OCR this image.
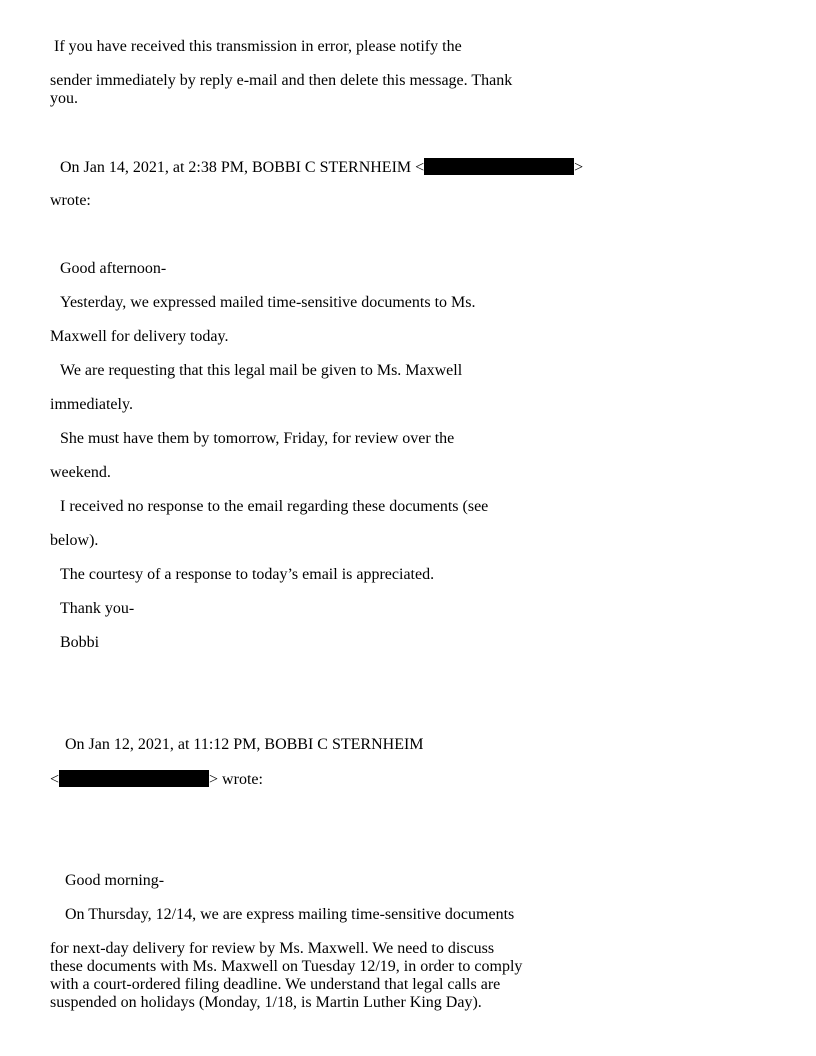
If you have received this transmission in error, please notify the

sender immediately by reply e-mail and then delete this message. Thank

you.

On Jan 14, 2021, at 2:38 PM, BOBBI C STERNHEIM <	>

wrote:

Good afternoon-

Yesterday, we expressed mailed time-sensitive documents to Ms.

Maxwell for delivery today.

We are requesting that this legal mail be given to Ms. Maxwell

immediately.

She must have them by tomorrow, Friday, for review over the

weekend.

I received no response to the email regarding these documents (see

below).

The courtesy of a response to today’s email is appreciated.

Thank you-

Bobbi

On Jan 12, 2021, at 11:12 PM, BOBBI C STERNHEIM

<	> wrote:

Good morning-

On Thursday, 12/14, we are express mailing time-sensitive documents

for next-day delivery for review by Ms. Maxwell. We need to discuss these documents with Ms. Maxwell on Tuesday 12/19, in order to comply with a court-ordered filing deadline. We understand that legal calls are suspended on holidays (Monday, 1/18, is Martin Luther King Day).
